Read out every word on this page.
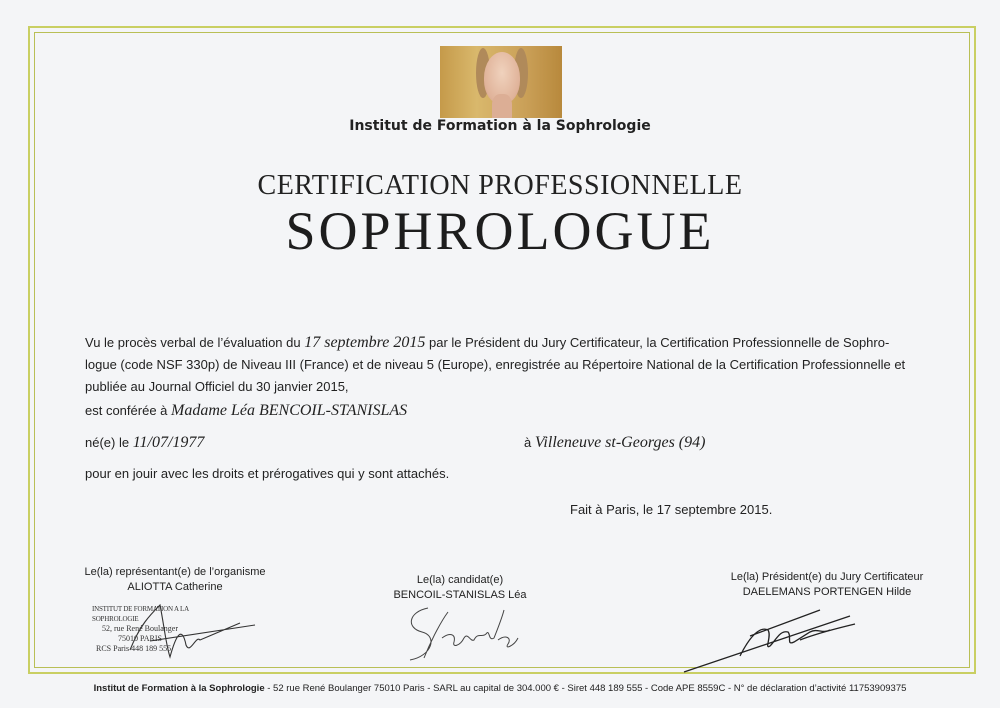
Institut de Formation à la Sophrologie
CERTIFICATION PROFESSIONNELLE
SOPHROLOGUE
Vu le procès verbal de l’évaluation du 17 septembre 2015 par le Président du Jury Certificateur, la Certification Professionnelle de Sophro-
logue (code NSF 330p) de Niveau III (France) et de niveau 5 (Europe), enregistrée au Répertoire National de la Certification Professionnelle et
publiée au Journal Officiel du 30 janvier 2015,
est conférée à Madame Léa BENCOIL-STANISLAS
né(e) le 11/07/1977	à Villeneuve st-Georges (94)
pour en jouir avec les droits et prérogatives qui y sont attachés.
Fait à Paris, le 17 septembre 2015.
Le(la) représentant(e) de l’organisme
ALIOTTA Catherine
INSTITUT DE FORMATION A LA SOPHROLOGIE
52, rue René Boulanger
75010 PARIS
RCS Paris 448 189 555
Le(la) candidat(e)
BENCOIL-STANISLAS Léa
Le(la) Président(e) du Jury Certificateur
DAELEMANS PORTENGEN Hilde
Institut de Formation à la Sophrologie - 52 rue René Boulanger 75010 Paris - SARL au capital de 304.000 € - Siret 448 189 555 - Code APE 8559C - N° de déclaration d’activité 11753909375
